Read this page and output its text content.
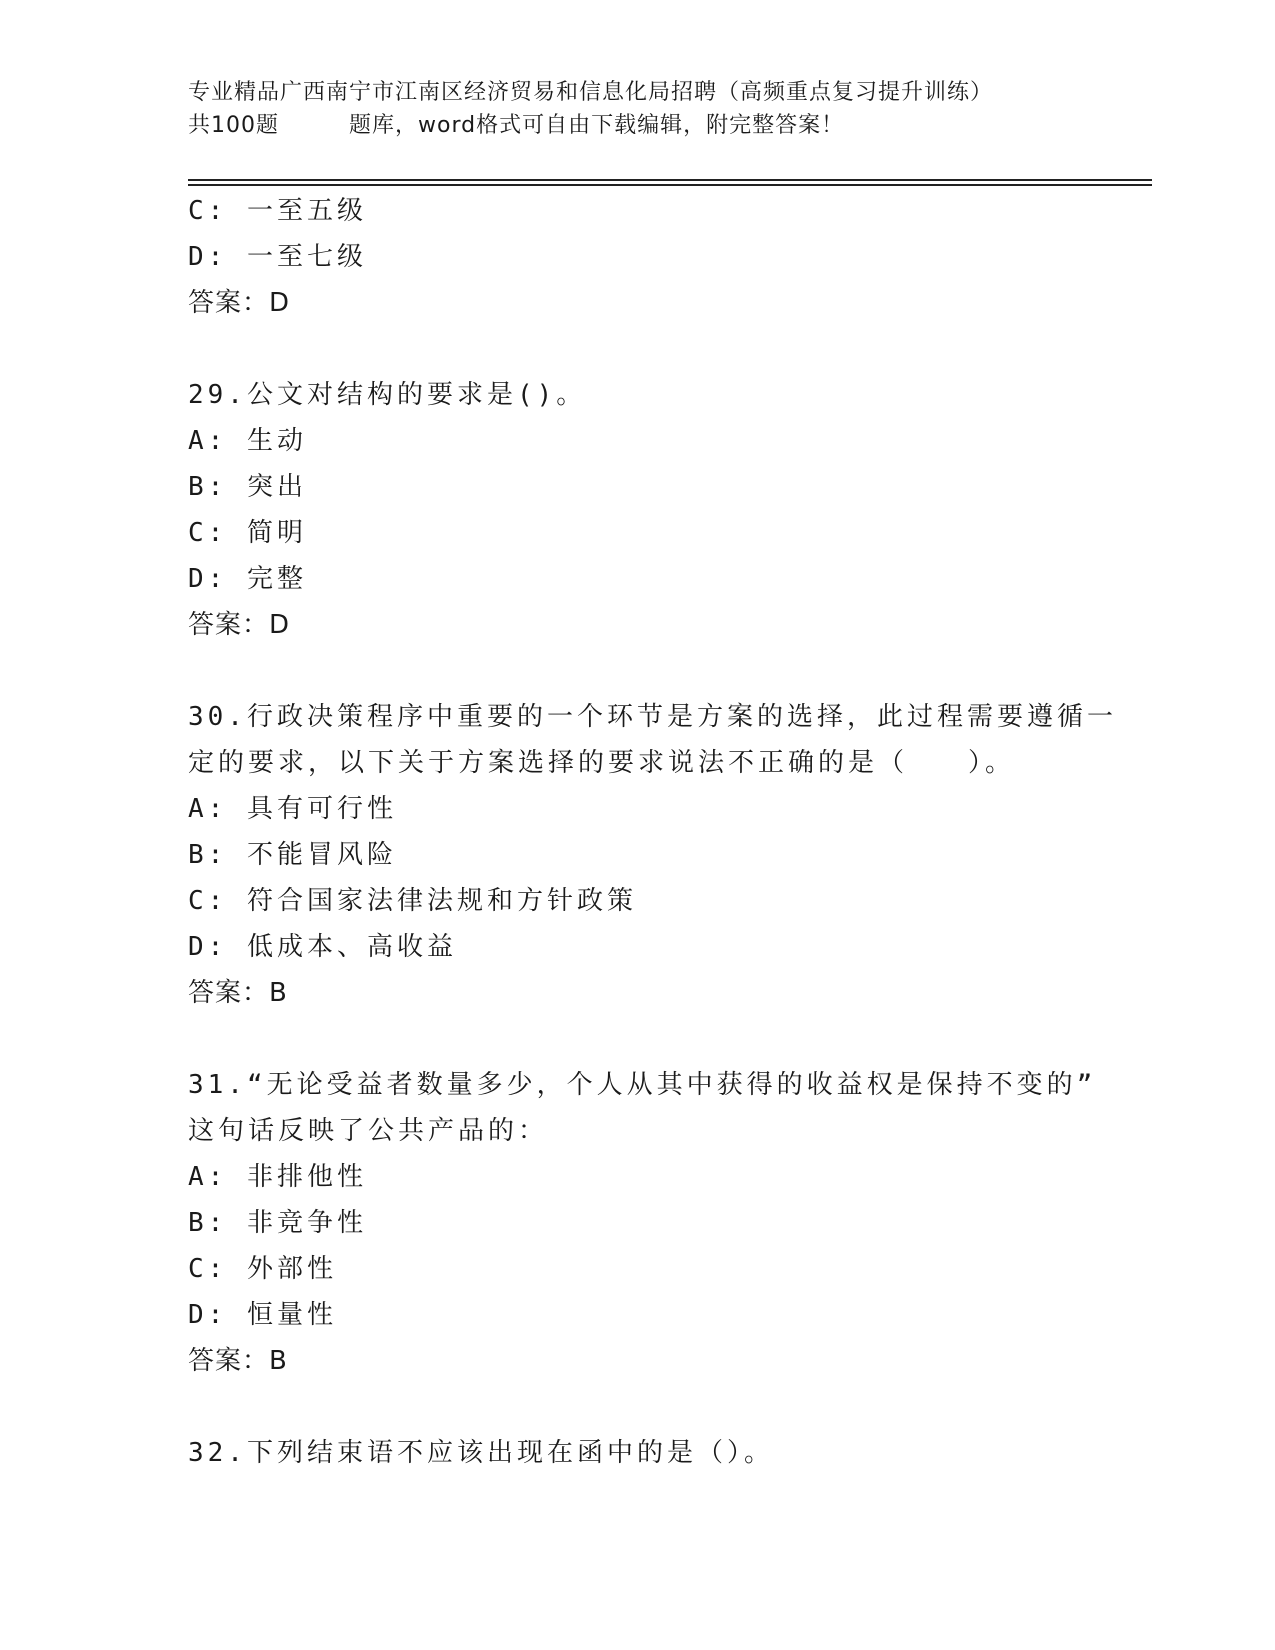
专业精品广西南宁市江南区经济贸易和信息化局招聘（高频重点复习提升训练）
共100题	题库，word格式可自由下载编辑，附完整答案！
C: 一至五级
D: 一至七级
答案：D
29.公文对结构的要求是()。
A: 生动
B: 突出
C: 简明
D: 完整
答案：D
30.行政决策程序中重要的一个环节是方案的选择，此过程需要遵循一
定的要求，以下关于方案选择的要求说法不正确的是（　　）。
A: 具有可行性
B: 不能冒风险
C: 符合国家法律法规和方针政策
D: 低成本、高收益
答案：B
31.“无论受益者数量多少，个人从其中获得的收益权是保持不变的”
这句话反映了公共产品的：
A: 非排他性
B: 非竞争性
C: 外部性
D: 恒量性
答案：B
32.下列结束语不应该出现在函中的是（）。
